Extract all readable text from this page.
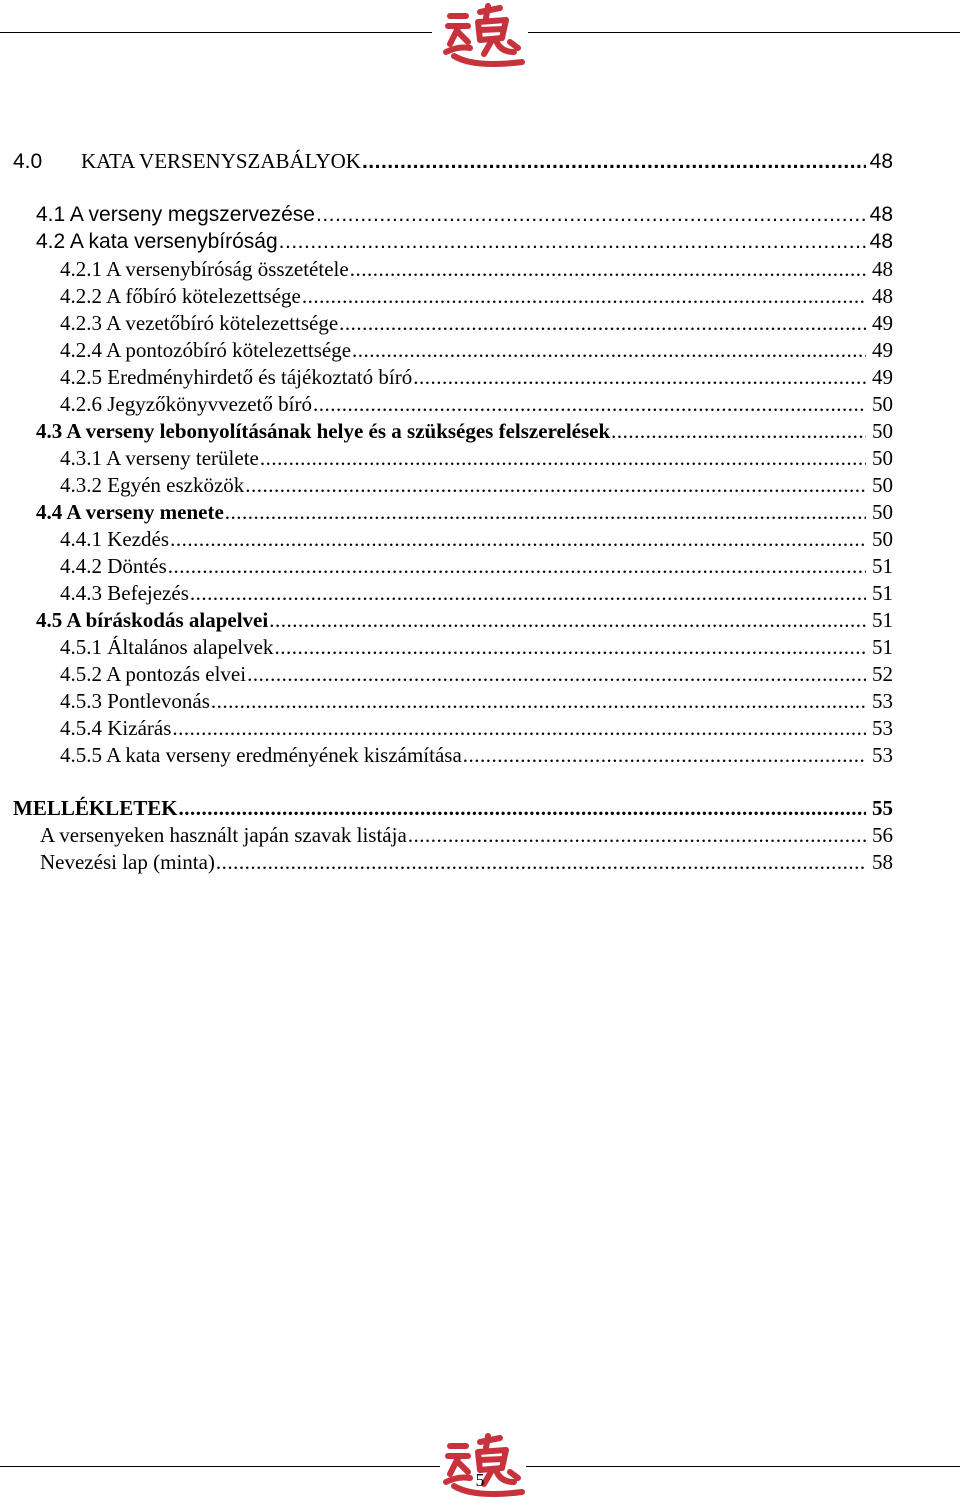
4.0 KATA VERSENYSZABÁLYOK .....	48
4.1 A verseny megszervezése .....	48
4.2 A kata versenybíróság .....	48
4.2.1 A versenybíróság összetétele .....	48
4.2.2 A főbíró kötelezettsége .....	48
4.2.3 A vezetőbíró kötelezettsége .....	49
4.2.4 A pontozóbíró kötelezettsége .....	49
4.2.5 Eredményhirdető és tájékoztató bíró .....	49
4.2.6 Jegyzőkönyvvezető bíró .....	50
4.3 A verseny lebonyolításának helye és a szükséges felszerelések .....	50
4.3.1 A verseny területe .....	50
4.3.2 Egyén eszközök .....	50
4.4 A verseny menete .....	50
4.4.1 Kezdés .....	50
4.4.2 Döntés .....	51
4.4.3 Befejezés .....	51
4.5 A bíráskodás alapelvei .....	51
4.5.1 Általános alapelvek .....	51
4.5.2 A pontozás elvei .....	52
4.5.3 Pontlevonás .....	53
4.5.4 Kizárás .....	53
4.5.5 A kata verseny eredményének kiszámítása .....	53
MELLÉKLETEK .....	55
A versenyeken használt japán szavak listája .....	56
Nevezési lap (minta) .....	58
5
